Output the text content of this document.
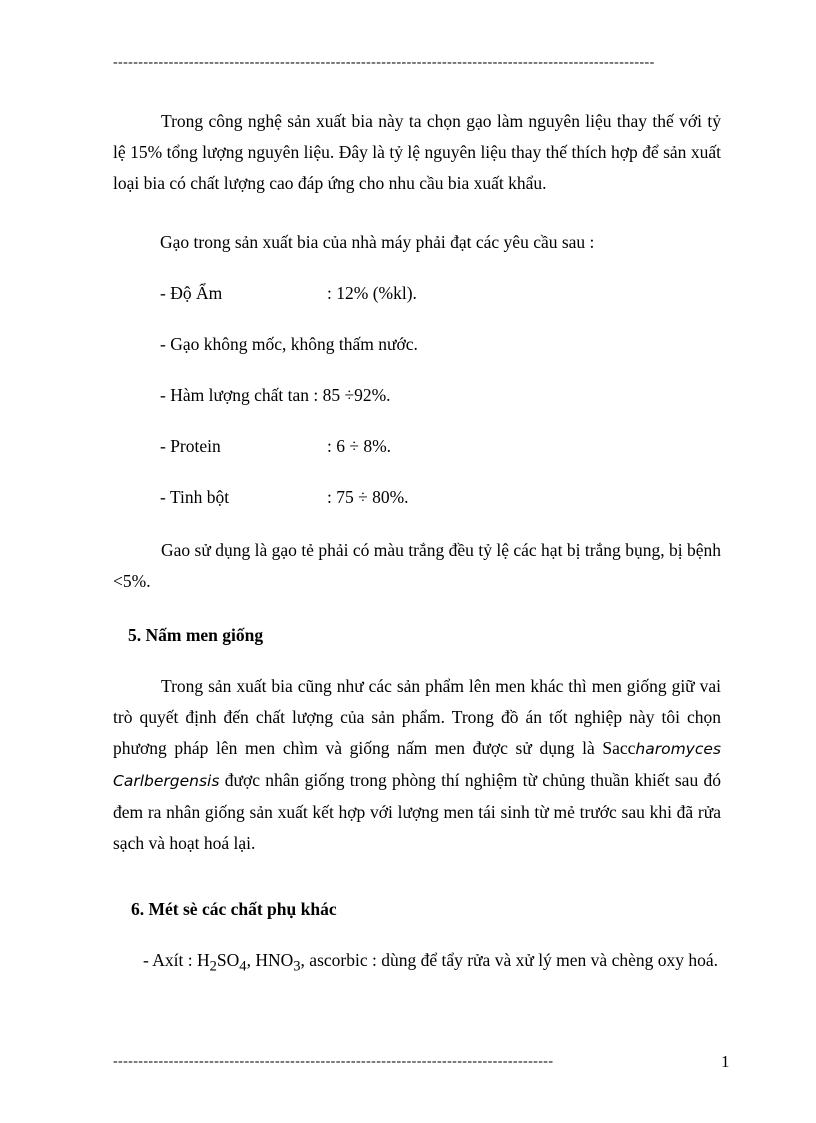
-----------------------------------------------------------------------------------------------------------
Trong công nghệ sản xuất bia này ta chọn gạo làm nguyên liệu thay thế với tỷ lệ 15% tổng lượng nguyên liệu. Đây là tỷ lệ nguyên liệu thay thế thích hợp để sản xuất loại bia có chất lượng cao đáp ứng cho nhu cầu bia xuất khẩu.
Gạo trong sản xuất bia của nhà máy phải đạt các yêu cầu sau :
- Độ Ẩm	: 12% (%kl).
- Gạo không mốc, không thấm nước.
- Hàm lượng chất tan : 85 ÷92%.
- Protein	: 6 ÷ 8%.
- Tinh bột	: 75 ÷ 80%.
Gao sử dụng là gạo tẻ phải có màu trắng đều tỷ lệ các hạt bị trắng bụng, bị bệnh <5%.
5. Nấm men giống
Trong sản xuất bia cũng như các sản phẩm lên men khác thì men giống giữ vai trò quyết định đến chất lượng của sản phẩm. Trong đồ án tốt nghiệp này tôi chọn phương pháp lên men chìm và giống nấm men được sử dụng là Saccharomyces Carlbergensis được nhân giống trong phòng thí nghiệm từ chủng thuần khiết sau đó đem ra nhân giống sản xuất kết hợp với lượng men tái sinh từ mẻ trước sau khi đã rửa sạch và hoạt hoá lại.
6. Mét sè các chất phụ khác
- Axít : $H_2SO_4$, $HNO_3$, ascorbic : dùng để tẩy rửa và xử lý men và chèng oxy hoá.
---------------------------------------------------------------------------------------	1
